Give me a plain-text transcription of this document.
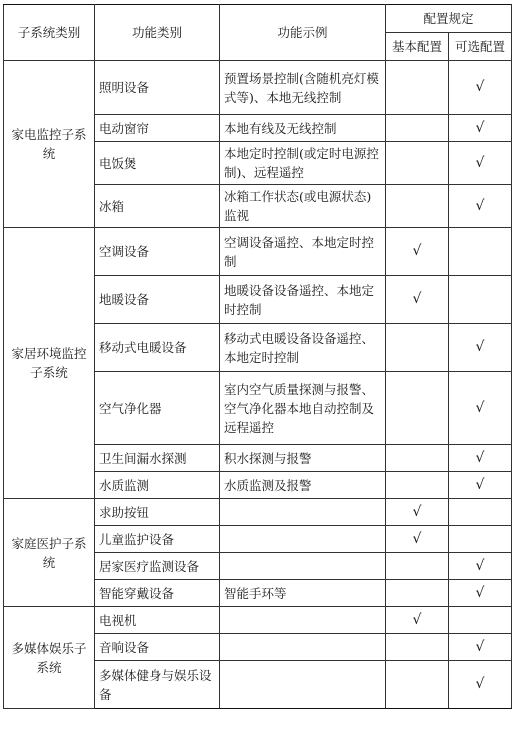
子系统类别	功能类别	功能示例	配置规定	
			基本配置	可选配置
家电监控子系统	照明设备	预置场景控制(含随机亮灯模式等)、本地无线控制		√
	电动窗帘	本地有线及无线控制		√
	电饭煲	本地定时控制(或定时电源控制)、远程遥控		√
	冰箱	冰箱工作状态(或电源状态)监视		√
家居环境监控子系统	空调设备	空调设备遥控、本地定时控制	√	
	地暖设备	地暖设备设备遥控、本地定时控制	√	
	移动式电暖设备	移动式电暖设备设备遥控、本地定时控制		√
	空气净化器	室内空气质量探测与报警、空气净化器本地自动控制及远程遥控		√
	卫生间漏水探测	积水探测与报警		√
	水质监测	水质监测及报警		√
家庭医护子系统	求助按钮		√	
	儿童监护设备		√	
	居家医疗监测设备			√
	智能穿戴设备	智能手环等		√
多媒体娱乐子系统	电视机		√	
	音响设备			√
	多媒体健身与娱乐设备			√
